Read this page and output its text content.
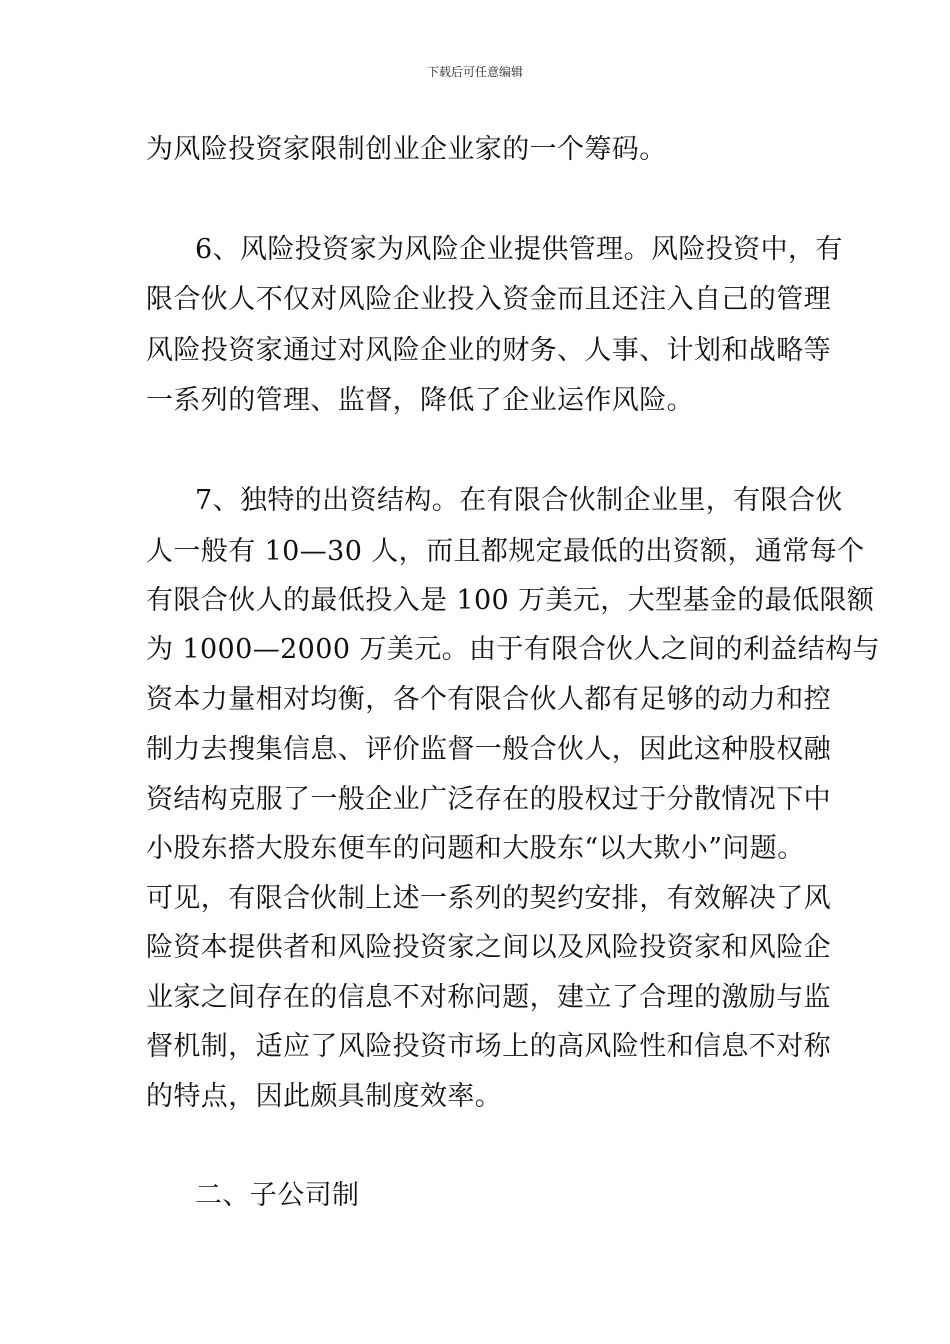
下载后可任意编辑
为风险投资家限制创业企业家的一个筹码。
6、风险投资家为风险企业提供管理。风险投资中，有
限合伙人不仅对风险企业投入资金而且还注入自己的管理
风险投资家通过对风险企业的财务、人事、计划和战略等
一系列的管理、监督，降低了企业运作风险。
7、独特的出资结构。在有限合伙制企业里，有限合伙
人一般有 10—30 人，而且都规定最低的出资额，通常每个
有限合伙人的最低投入是 100 万美元，大型基金的最低限额
为 1000—2000 万美元。由于有限合伙人之间的利益结构与
资本力量相对均衡，各个有限合伙人都有足够的动力和控
制力去搜集信息、评价监督一般合伙人，因此这种股权融
资结构克服了一般企业广泛存在的股权过于分散情况下中
小股东搭大股东便车的问题和大股东“以大欺小”问题。
可见，有限合伙制上述一系列的契约安排，有效解决了风
险资本提供者和风险投资家之间以及风险投资家和风险企
业家之间存在的信息不对称问题，建立了合理的激励与监
督机制，适应了风险投资市场上的高风险性和信息不对称
的特点，因此颇具制度效率。
二、子公司制
